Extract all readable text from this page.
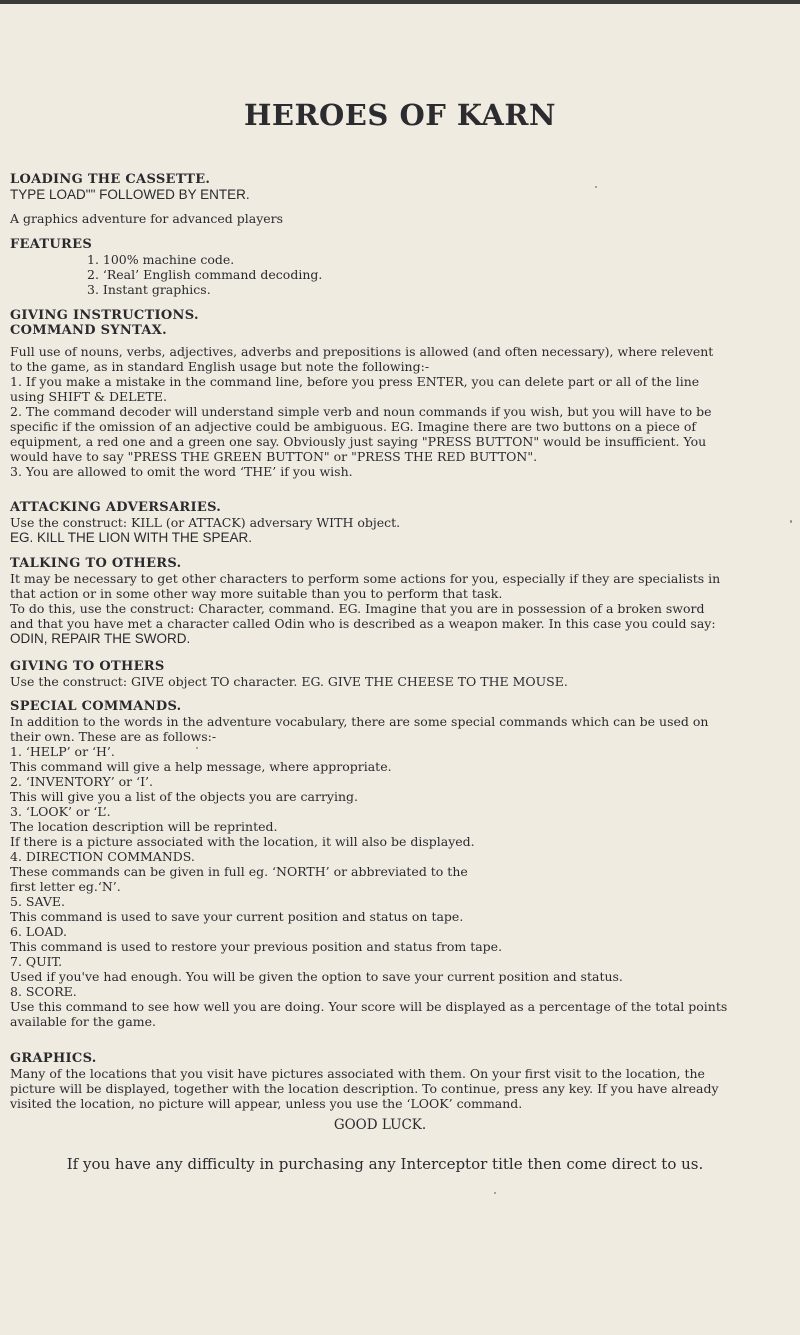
HEROES OF KARN
LOADING THE CASSETTE.
TYPE LOAD"" FOLLOWED BY ENTER.
A graphics adventure for advanced players
FEATURES
1. 100% machine code.
2. ‘Real’ English command decoding.
3. Instant graphics.
GIVING INSTRUCTIONS.
COMMAND SYNTAX.
Full use of nouns, verbs, adjectives, adverbs and prepositions is allowed (and often necessary), where relevent
to the game, as in standard English usage but note the following:-
1. If you make a mistake in the command line, before you press ENTER, you can delete part or all of the line
using SHIFT & DELETE.
2. The command decoder will understand simple verb and noun commands if you wish, but you will have to be
specific if the omission of an adjective could be ambiguous. EG. Imagine there are two buttons on a piece of
equipment, a red one and a green one say. Obviously just saying "PRESS BUTTON" would be insufficient. You
would have to say "PRESS THE GREEN BUTTON" or "PRESS THE RED BUTTON".
3. You are allowed to omit the word ‘THE’ if you wish.
ATTACKING ADVERSARIES.
Use the construct: KILL (or ATTACK) adversary WITH object.
EG. KILL THE LION WITH THE SPEAR.
TALKING TO OTHERS.
It may be necessary to get other characters to perform some actions for you, especially if they are specialists in
that action or in some other way more suitable than you to perform that task.
To do this, use the construct: Character, command. EG. Imagine that you are in possession of a broken sword
and that you have met a character called Odin who is described as a weapon maker. In this case you could say:
ODIN, REPAIR THE SWORD.
GIVING TO OTHERS
Use the construct: GIVE object TO character. EG. GIVE THE CHEESE TO THE MOUSE.
SPECIAL COMMANDS.
In addition to the words in the adventure vocabulary, there are some special commands which can be used on
their own. These are as follows:-
1. ‘HELP’ or ‘H’.
This command will give a help message, where appropriate.
2. ‘INVENTORY’ or ‘I’.
This will give you a list of the objects you are carrying.
3. ‘LOOK’ or ‘L’.
The location description will be reprinted.
If there is a picture associated with the location, it will also be displayed.
4. DIRECTION COMMANDS.
These commands can be given in full eg. ‘NORTH’ or abbreviated to the
first letter eg.‘N’.
5. SAVE.
This command is used to save your current position and status on tape.
6. LOAD.
This command is used to restore your previous position and status from tape.
7. QUIT.
Used if you've had enough. You will be given the option to save your current position and status.
8. SCORE.
Use this command to see how well you are doing. Your score will be displayed as a percentage of the total points
available for the game.
GRAPHICS.
Many of the locations that you visit have pictures associated with them. On your first visit to the location, the
picture will be displayed, together with the location description. To continue, press any key. If you have already
visited the location, no picture will appear, unless you use the ‘LOOK’ command.
GOOD LUCK.
If you have any difficulty in purchasing any Interceptor title then come direct to us.
